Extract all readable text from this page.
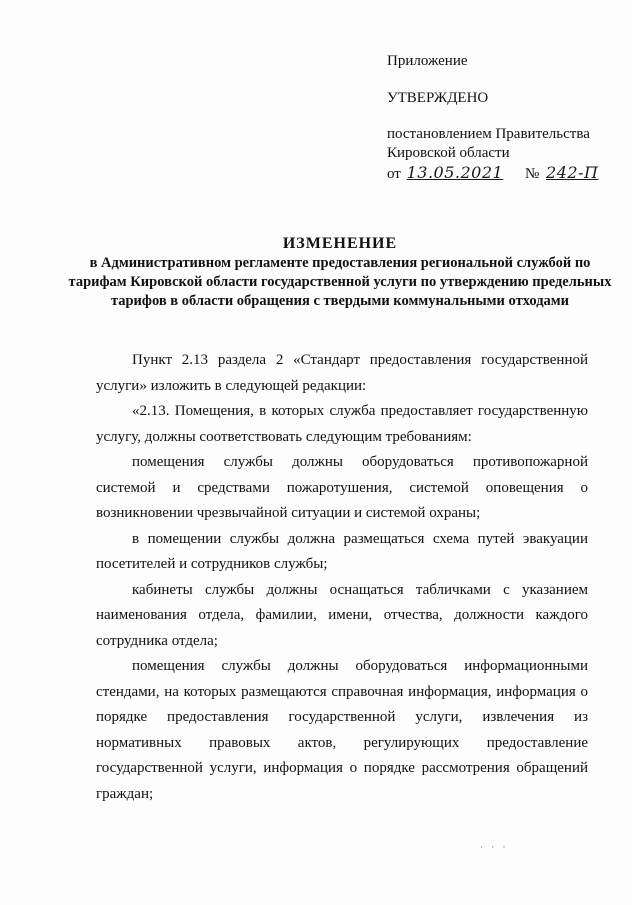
Приложение
УТВЕРЖДЕНО
постановлением Правительства
Кировской области
от 13.05.2021 № 242-П
ИЗМЕНЕНИЕ
в Административном регламенте предоставления региональной службой по тарифам Кировской области государственной услуги по утверждению предельных тарифов в области обращения с твердыми коммунальными отходами

Пункт 2.13 раздела 2 «Стандарт предоставления государственной услуги» изложить в следующей редакции:

«2.13. Помещения, в которых служба предоставляет государственную услугу, должны соответствовать следующим требованиям:

помещения службы должны оборудоваться противопожарной системой и средствами пожаротушения, системой оповещения о возникновении чрезвычайной ситуации и системой охраны;

в помещении службы должна размещаться схема путей эвакуации посетителей и сотрудников службы;

кабинеты службы должны оснащаться табличками с указанием наименования отдела, фамилии, имени, отчества, должности каждого сотрудника отдела;

помещения службы должны оборудоваться информационными стендами, на которых размещаются справочная информация, информация о порядке предоставления государственной услуги, извлечения из нормативных правовых актов, регулирующих предоставление государственной услуги, информация о порядке рассмотрения обращений граждан;

· · ·
